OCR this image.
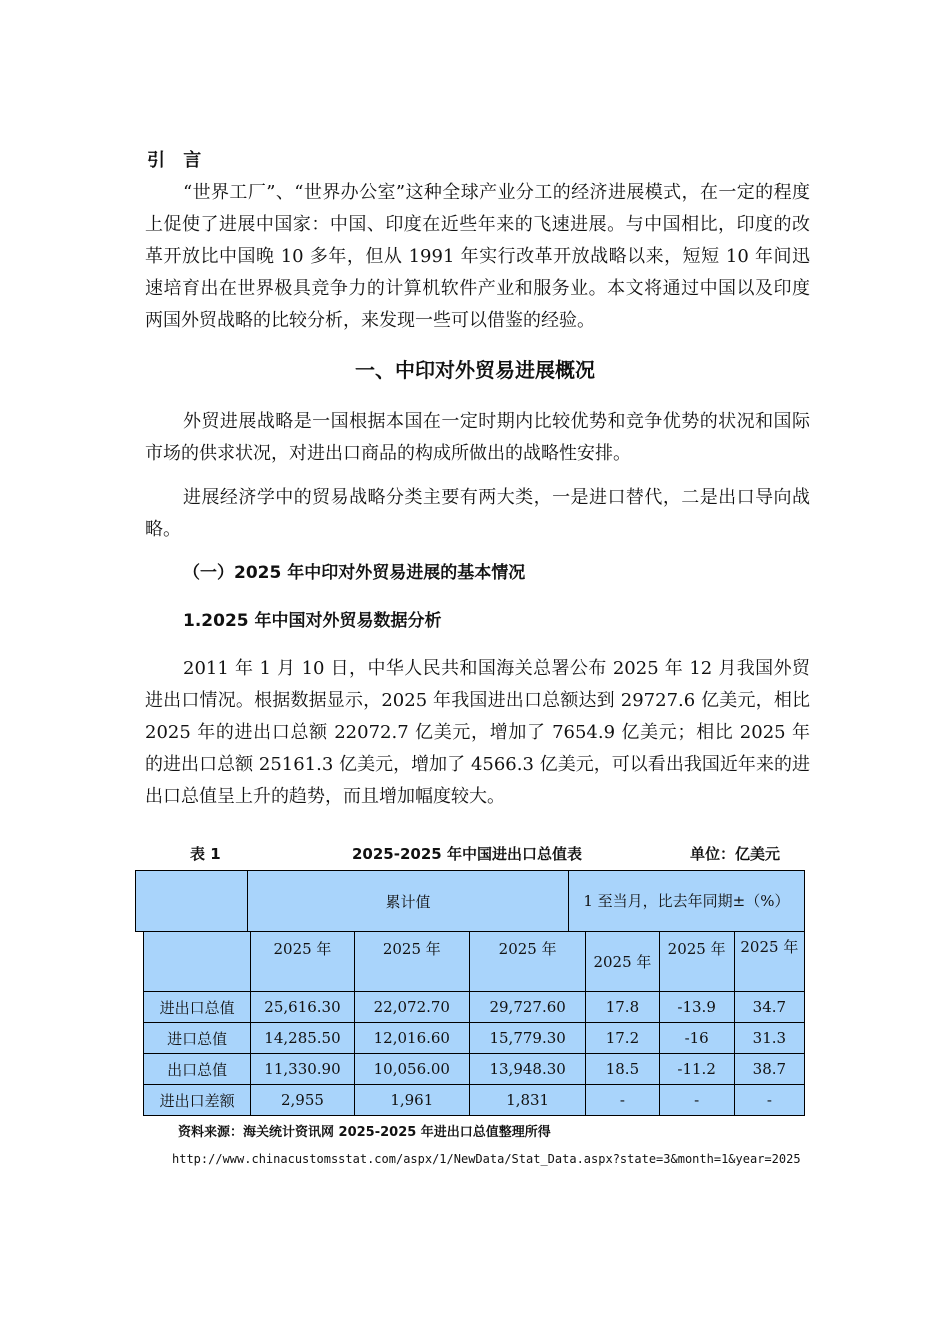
引 言

“世界工厂”、“世界办公室”这种全球产业分工的经济进展模式，在一定的程度上促使了进展中国家：中国、印度在近些年来的飞速进展。与中国相比，印度的改革开放比中国晚 10 多年，但从 1991 年实行改革开放战略以来，短短 10 年间迅速培育出在世界极具竞争力的计算机软件产业和服务业。本文将通过中国以及印度两国外贸战略的比较分析，来发现一些可以借鉴的经验。

一、中印对外贸易进展概况

外贸进展战略是一国根据本国在一定时期内比较优势和竞争优势的状况和国际市场的供求状况，对进出口商品的构成所做出的战略性安排。

进展经济学中的贸易战略分类主要有两大类，一是进口替代，二是出口导向战略。

（一）2025 年中印对外贸易进展的基本情况
1.2025 年中国对外贸易数据分析

2011 年 1 月 10 日，中华人民共和国海关总署公布 2025 年 12 月我国外贸进出口情况。根据数据显示，2025 年我国进出口总额达到 29727.6 亿美元，相比 2025 年的进出口总额 22072.7 亿美元，增加了 7654.9 亿美元；相比 2025 年的进出口总额 25161.3 亿美元，增加了 4566.3 亿美元，可以看出我国近年来的进出口总值呈上升的趋势，而且增加幅度较大。

表 1	2025-2025 年中国进出口总值表	单位：亿美元
	累计值	1 至当月，比去年同期±（%）
	2025 年	2025 年	2025 年	2025 年	2025 年	2025 年
进出口总值	25,616.30	22,072.70	29,727.60	17.8	-13.9	34.7
进口总值	14,285.50	12,016.60	15,779.30	17.2	-16	31.3
出口总值	11,330.90	10,056.00	13,948.30	18.5	-11.2	38.7
进出口差额	2,955	1,961	1,831	-	-	-
资料来源：海关统计资讯网 2025-2025 年进出口总值整理所得
http://www.chinacustomsstat.com/aspx/1/NewData/Stat_Data.aspx?state=3&month=1&year=2025
